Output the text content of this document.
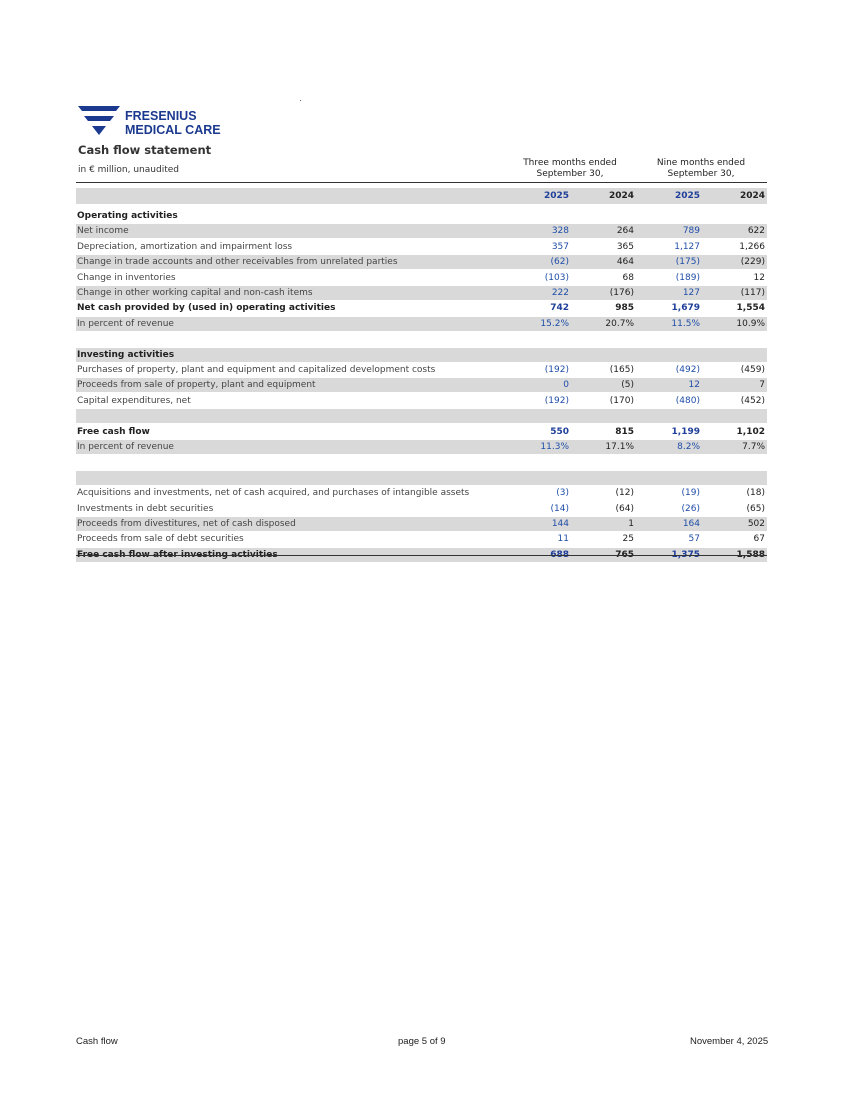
FRESENIUS
MEDICAL CARE
Cash flow statement
in € million, unaudited
Three months ended
September 30,
Nine months ended
September 30,
2025	2024	2025	2024
Operating activities
Net income	328	264	789	622
Depreciation, amortization and impairment loss	357	365	1,127	1,266
Change in trade accounts and other receivables from unrelated parties	(62)	464	(175)	(229)
Change in inventories	(103)	68	(189)	12
Change in other working capital and non-cash items	222	(176)	127	(117)
Net cash provided by (used in) operating activities	742	985	1,679	1,554
In percent of revenue	15.2%	20.7%	11.5%	10.9%
Investing activities
Purchases of property, plant and equipment and capitalized development costs	(192)	(165)	(492)	(459)
Proceeds from sale of property, plant and equipment	0	(5)	12	7
Capital expenditures, net	(192)	(170)	(480)	(452)
Free cash flow	550	815	1,199	1,102
In percent of revenue	11.3%	17.1%	8.2%	7.7%
Acquisitions and investments, net of cash acquired, and purchases of intangible assets	(3)	(12)	(19)	(18)
Investments in debt securities	(14)	(64)	(26)	(65)
Proceeds from divestitures, net of cash disposed	144	1	164	502
Proceeds from sale of debt securities	11	25	57	67
Free cash flow after investing activities	688	765	1,375	1,588
Cash flow	page 5 of 9	November 4, 2025
